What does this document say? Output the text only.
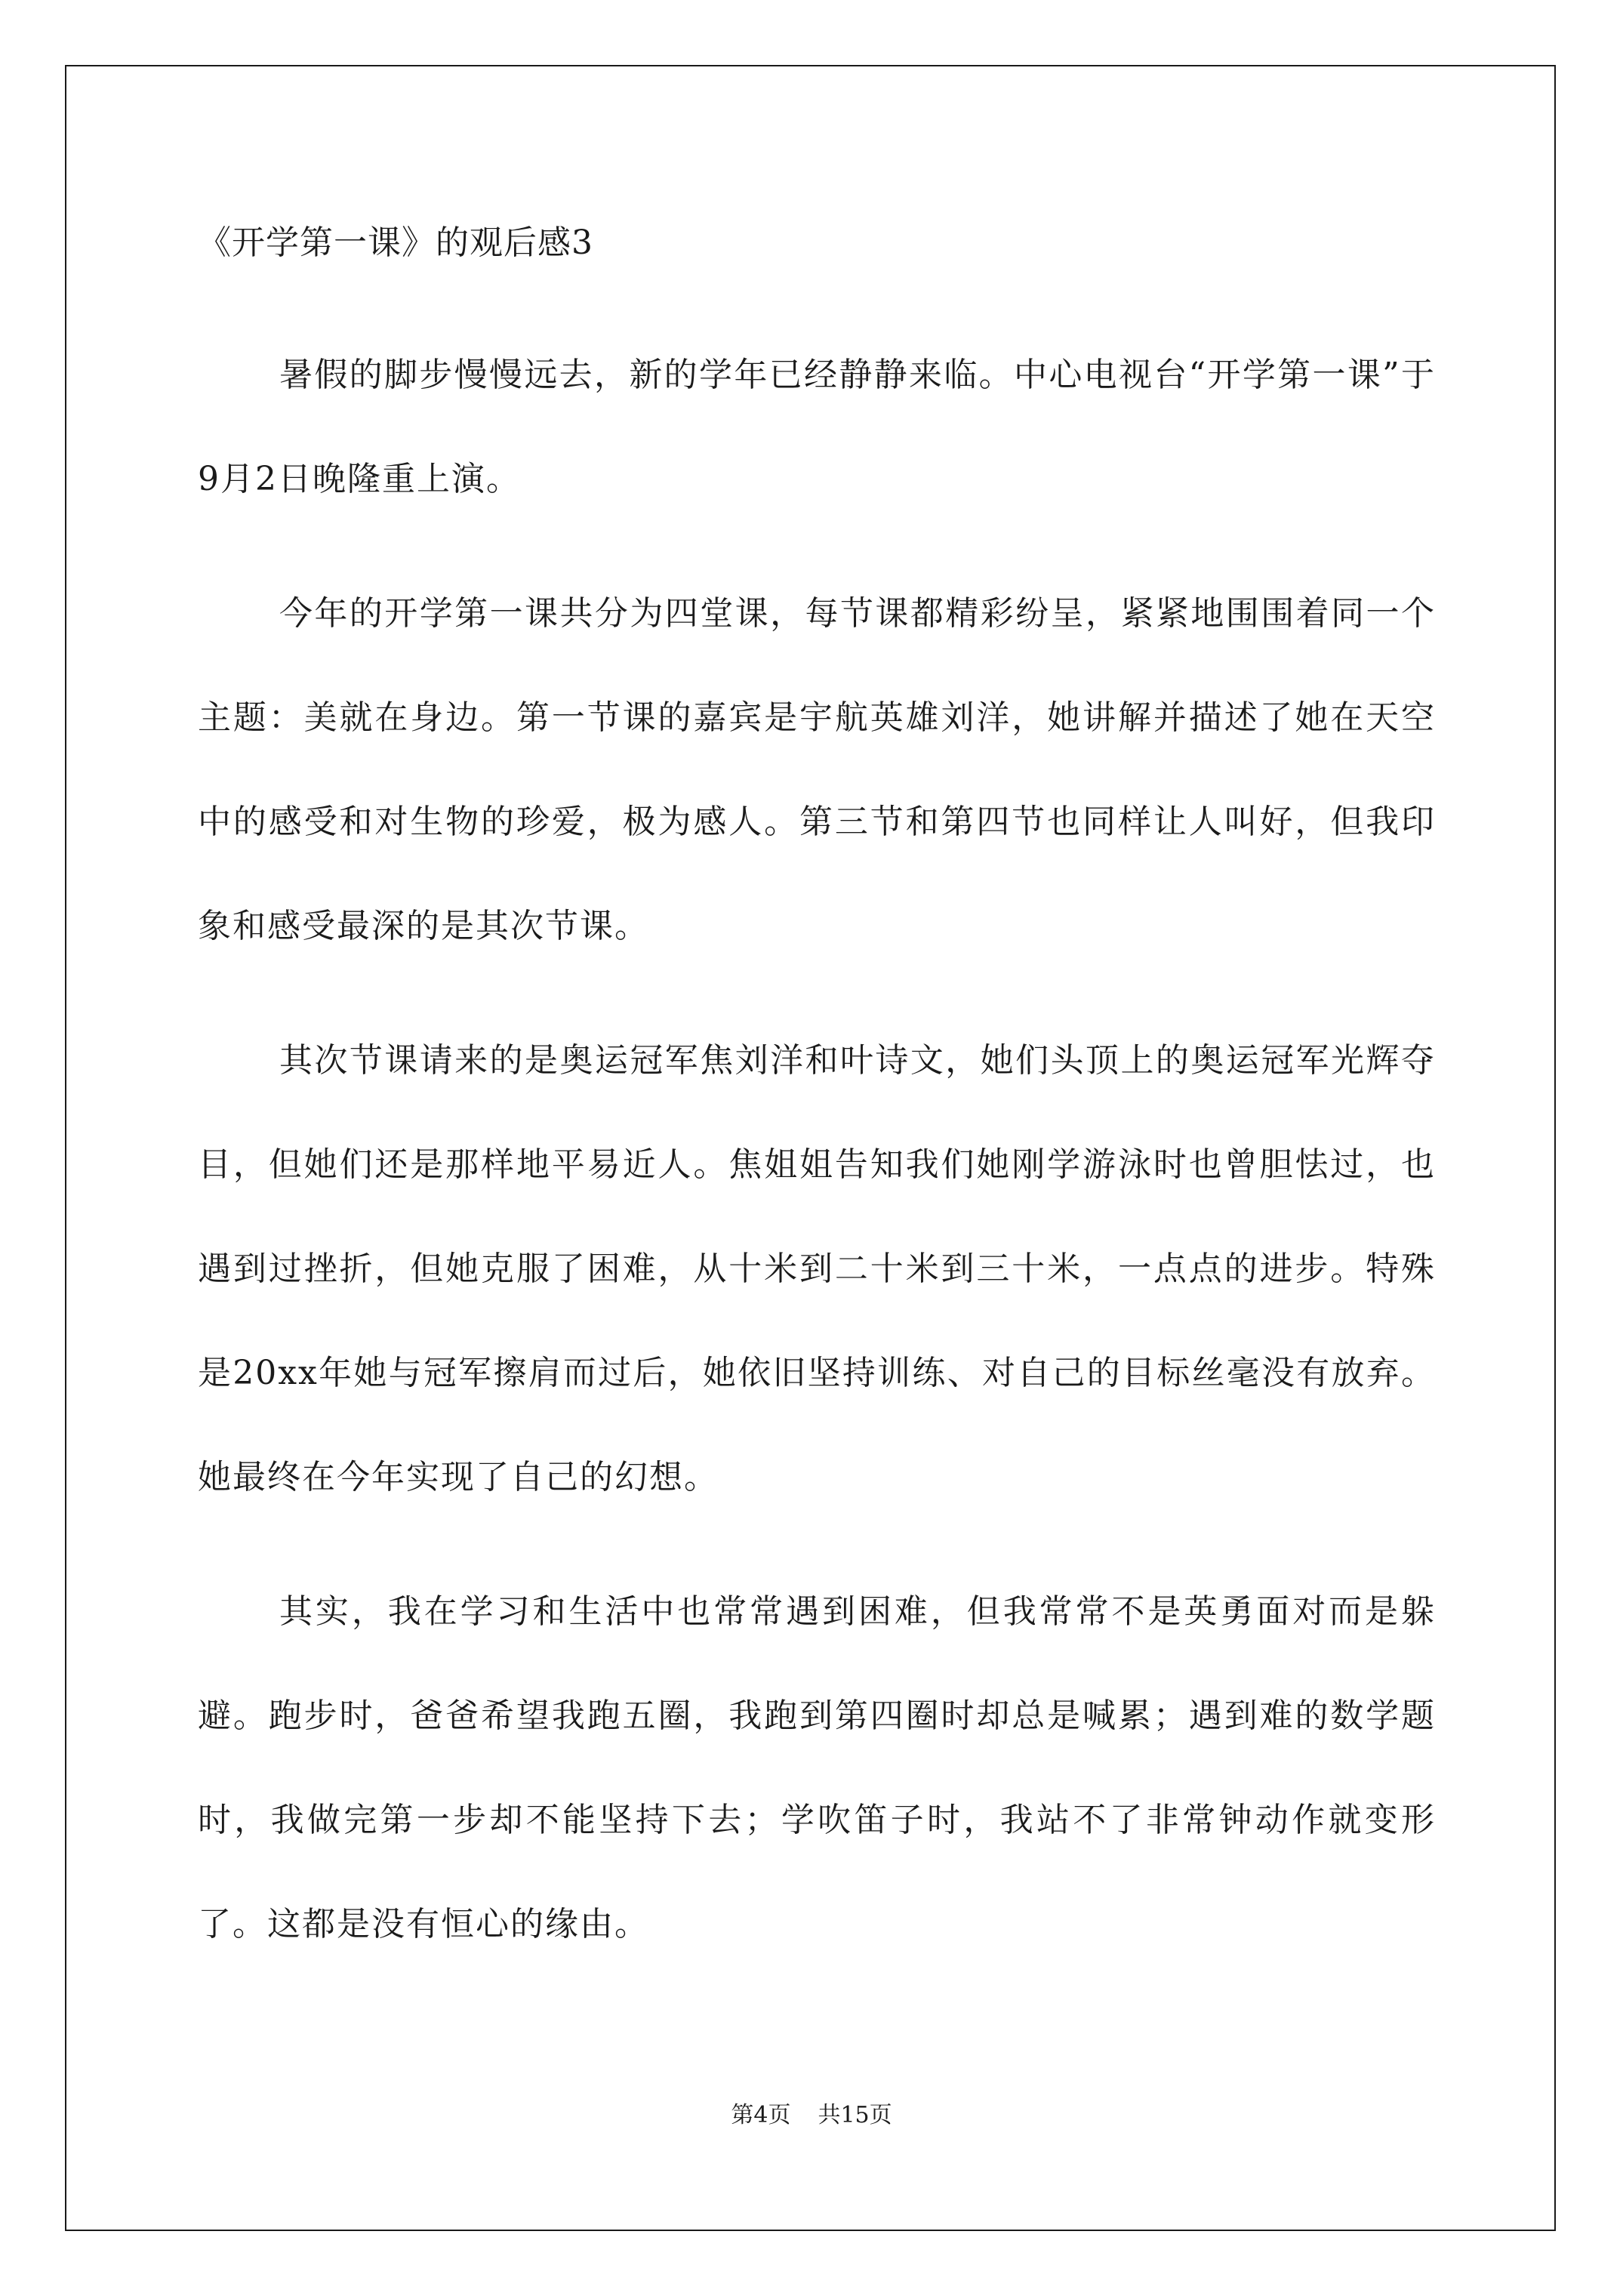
《开学第一课》的观后感3

暑假的脚步慢慢远去，新的学年已经静静来临。中心电视台“开学第一课”于9月2日晚隆重上演。

今年的开学第一课共分为四堂课，每节课都精彩纷呈，紧紧地围围着同一个主题：美就在身边。第一节课的嘉宾是宇航英雄刘洋，她讲解并描述了她在天空中的感受和对生物的珍爱，极为感人。第三节和第四节也同样让人叫好，但我印象和感受最深的是其次节课。

其次节课请来的是奥运冠军焦刘洋和叶诗文，她们头顶上的奥运冠军光辉夺目，但她们还是那样地平易近人。焦姐姐告知我们她刚学游泳时也曾胆怯过，也遇到过挫折，但她克服了困难，从十米到二十米到三十米，一点点的进步。特殊是20xx年她与冠军擦肩而过后，她依旧坚持训练、对自己的目标丝毫没有放弃。她最终在今年实现了自己的幻想。

其实，我在学习和生活中也常常遇到困难，但我常常不是英勇面对而是躲避。跑步时，爸爸希望我跑五圈，我跑到第四圈时却总是喊累；遇到难的数学题时，我做完第一步却不能坚持下去；学吹笛子时，我站不了非常钟动作就变形了。这都是没有恒心的缘由。

第4页 共15页
